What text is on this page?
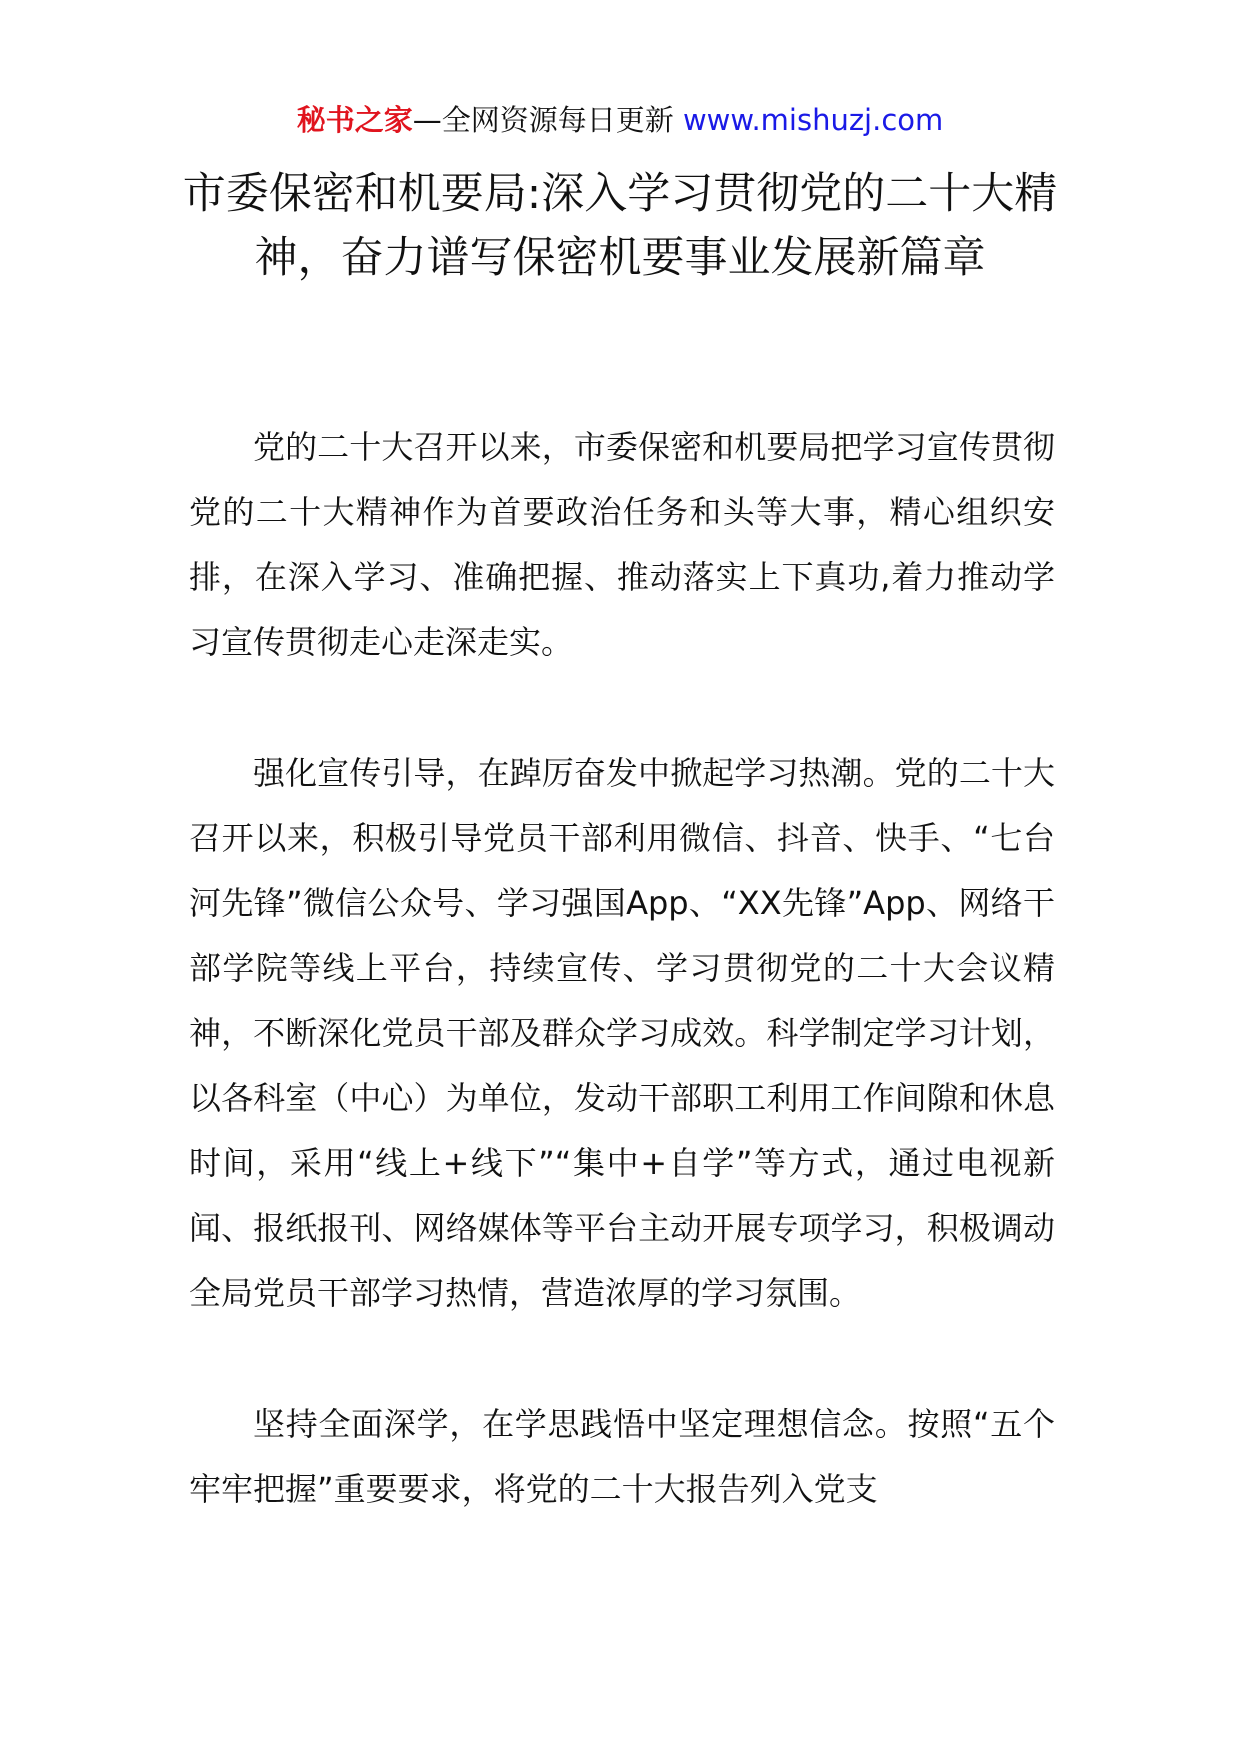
秘书之家—全网资源每日更新 www.mishuzj.com
市委保密和机要局:深入学习贯彻党的二十大精神，奋力谱写保密机要事业发展新篇章

党的二十大召开以来，市委保密和机要局把学习宣传贯彻党的二十大精神作为首要政治任务和头等大事，精心组织安排，在深入学习、准确把握、推动落实上下真功,着力推动学习宣传贯彻走心走深走实。

强化宣传引导，在踔厉奋发中掀起学习热潮。党的二十大召开以来，积极引导党员干部利用微信、抖音、快手、“七台河先锋”微信公众号、学习强国App、“XX先锋”App、网络干部学院等线上平台，持续宣传、学习贯彻党的二十大会议精神，不断深化党员干部及群众学习成效。科学制定学习计划，以各科室（中心）为单位，发动干部职工利用工作间隙和休息时间，采用“线上+线下”“集中+自学”等方式，通过电视新闻、报纸报刊、网络媒体等平台主动开展专项学习，积极调动全局党员干部学习热情，营造浓厚的学习氛围。

坚持全面深学，在学思践悟中坚定理想信念。按照“五个牢牢把握”重要要求，将党的二十大报告列入党支
